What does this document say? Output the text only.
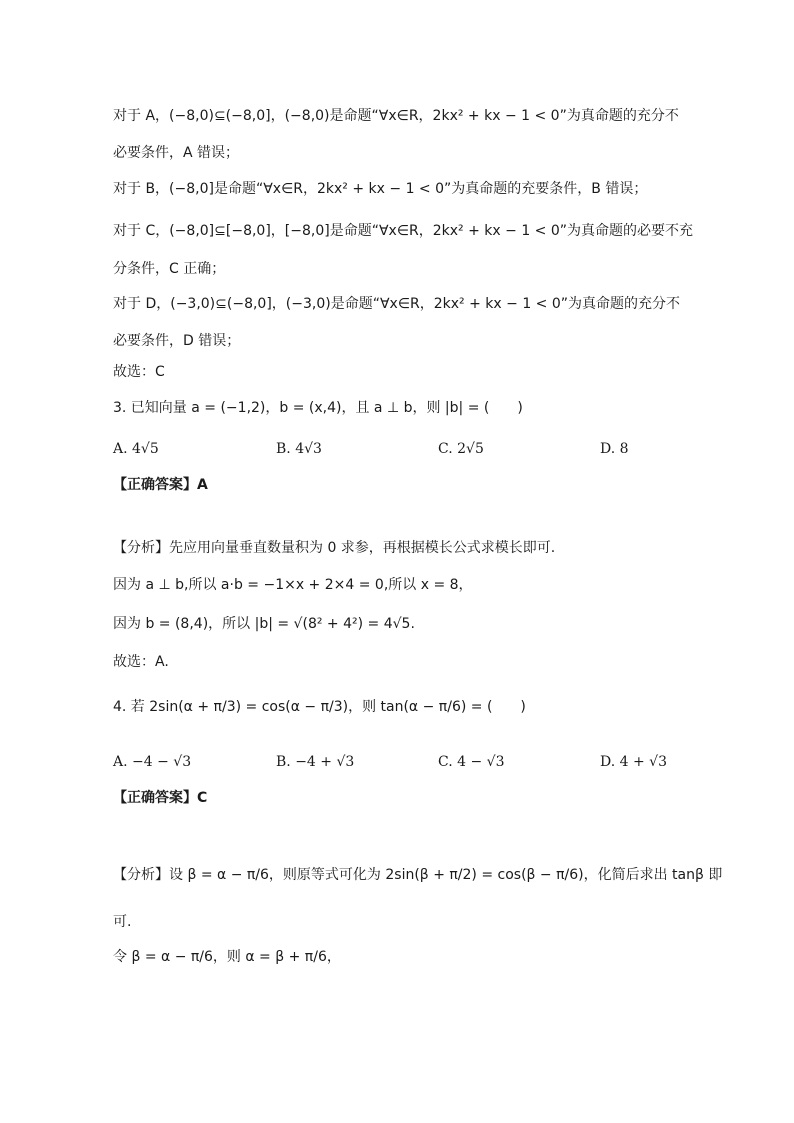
对于 A，(−8,0)⊆(−8,0]，(−8,0)是命题“∀x∈R，2kx² + kx − 1 < 0”为真命题的充分不
必要条件，A 错误；
对于 B，(−8,0]是命题“∀x∈R，2kx² + kx − 1 < 0”为真命题的充要条件，B 错误；
对于 C，(−8,0]⊆[−8,0]，[−8,0]是命题“∀x∈R，2kx² + kx − 1 < 0”为真命题的必要不充
分条件，C 正确；
对于 D，(−3,0)⊆(−8,0]，(−3,0)是命题“∀x∈R，2kx² + kx − 1 < 0”为真命题的充分不
必要条件，D 错误；
故选：C
3. 已知向量 a = (−1,2)，b = (x,4)，且 a ⊥ b，则 |b| = (　　)
A. 4√5	B. 4√3	C. 2√5	D. 8
【正确答案】A
【分析】先应用向量垂直数量积为 0 求参，再根据模长公式求模长即可.
因为 a ⊥ b,所以 a·b = −1×x + 2×4 = 0,所以 x = 8，
因为 b = (8,4)，所以 |b| = √(8² + 4²) = 4√5.
故选：A.
4. 若 2sin(α + π/3) = cos(α − π/3)，则 tan(α − π/6) = (　　)
A. −4 − √3	B. −4 + √3	C. 4 − √3	D. 4 + √3
【正确答案】C
【分析】设 β = α − π/6，则原等式可化为 2sin(β + π/2) = cos(β − π/6)，化简后求出 tanβ 即
可.
令 β = α − π/6，则 α = β + π/6，
